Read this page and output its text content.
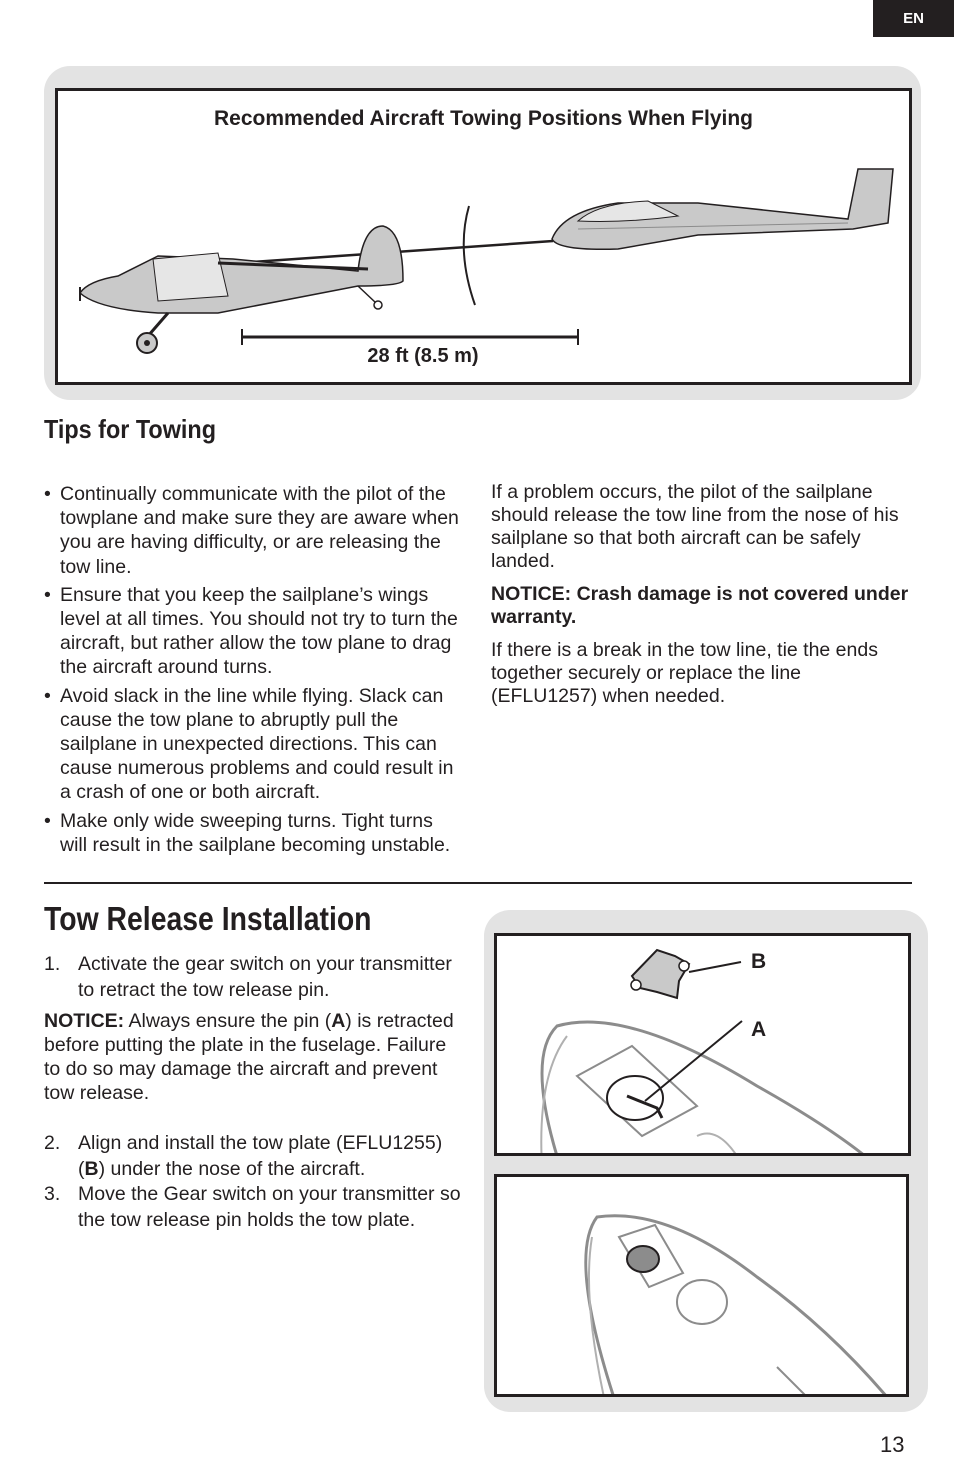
EN
Recommended Aircraft Towing Positions When Flying
28 ft (8.5 m)
Tips for Towing
• Continually communicate with the pilot of the towplane and make sure they are aware when you are having difficulty, or are releasing the tow line.
• Ensure that you keep the sailplane’s wings level at all times. You should not try to turn the aircraft, but rather allow the tow plane to drag the aircraft around turns.
• Avoid slack in the line while flying. Slack can cause the tow plane to abruptly pull the sailplane in unexpected directions. This can cause numerous problems and could result in a crash of one or both aircraft.
• Make only wide sweeping turns. Tight turns will result in the sailplane becoming unstable.

If a problem occurs, the pilot of the sailplane should release the tow line from the nose of his sailplane so that both aircraft can be safely landed.

NOTICE: Crash damage is not covered under warranty.

If there is a break in the tow line, tie the ends together securely or replace the line (EFLU1257) when needed.

Tow Release Installation
1. Activate the gear switch on your transmitter to retract the tow release pin.
NOTICE: Always ensure the pin (A) is retracted before putting the plate in the fuselage. Failure to do so may damage the aircraft and prevent tow release.
2. Align and install the tow plate (EFLU1255) (B) under the nose of the aircraft.
3. Move the Gear switch on your transmitter so the tow release pin holds the tow plate.
B
A
13
